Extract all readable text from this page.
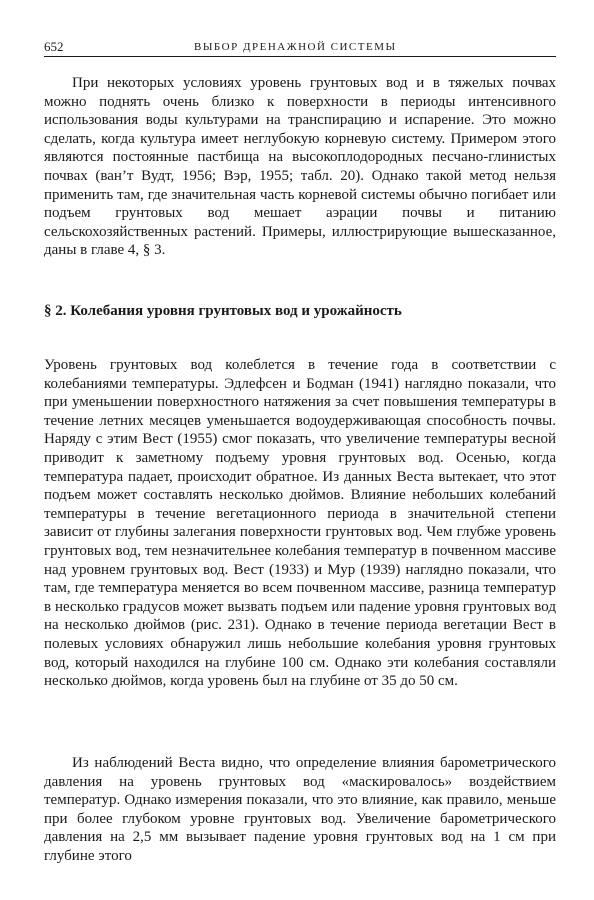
652	ВЫБОР ДРЕНАЖНОЙ СИСТЕМЫ

При некоторых условиях уровень грунтовых вод и в тяжелых почвах можно поднять очень близко к поверхности в периоды интенсивного использования воды культурами на транспирацию и испарение. Это можно сделать, когда культура имеет неглубокую корневую систему. Примером этого являются постоянные пастбища на высокоплодородных песчано-глинистых почвах (ван’т Вудт, 1956; Вэр, 1955; табл. 20). Однако такой метод нельзя применить там, где значительная часть корневой системы обычно погибает или подъем грунтовых вод мешает аэрации почвы и питанию сельскохозяйственных растений. Примеры, иллюстрирующие вышесказанное, даны в главе 4, § 3.

§ 2. Колебания уровня грунтовых вод и урожайность

Уровень грунтовых вод колеблется в течение года в соответствии с колебаниями температуры. Эдлефсен и Бодман (1941) наглядно показали, что при уменьшении поверхностного натяжения за счет повышения температуры в течение летних месяцев уменьшается водоудерживающая способность почвы. Наряду с этим Вест (1955) смог показать, что увеличение температуры весной приводит к заметному подъему уровня грунтовых вод. Осенью, когда температура падает, происходит обратное. Из данных Веста вытекает, что этот подъем может составлять несколько дюймов. Влияние небольших колебаний температуры в течение вегетационного периода в значительной степени зависит от глубины залегания поверхности грунтовых вод. Чем глубже уровень грунтовых вод, тем незначительнее колебания температур в почвенном массиве над уровнем грунтовых вод. Вест (1933) и Мур (1939) наглядно показали, что там, где температура меняется во всем почвенном массиве, разница температур в несколько градусов может вызвать подъем или падение уровня грунтовых вод на несколько дюймов (рис. 231). Однако в течение периода вегетации Вест в полевых условиях обнаружил лишь небольшие колебания уровня грунтовых вод, который находился на глубине 100 см. Однако эти колебания составляли несколько дюймов, когда уровень был на глубине от 35 до 50 см.

Из наблюдений Веста видно, что определение влияния барометрического давления на уровень грунтовых вод «маскировалось» воздействием температур. Однако измерения показали, что это влияние, как правило, меньше при более глубоком уровне грунтовых вод. Увеличение барометрического давления на 2,5 мм вызывает падение уровня грунтовых вод на 1 см при глубине этого
